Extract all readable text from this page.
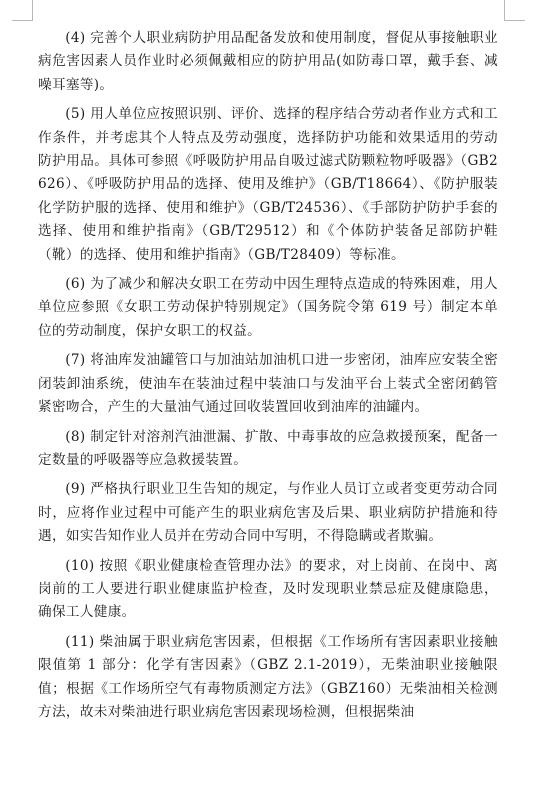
(4) 完善个人职业病防护用品配备发放和使用制度，督促从事接触职业病危害因素人员作业时必须佩戴相应的防护用品(如防毒口罩，戴手套、减噪耳塞等)。

(5) 用人单位应按照识别、评价、选择的程序结合劳动者作业方式和工作条件，并考虑其个人特点及劳动强度，选择防护功能和效果适用的劳动防护用品。具体可参照《呼吸防护用品自吸过滤式防颗粒物呼吸器》（GB2626）、《呼吸防护用品的选择、使用及维护》（GB/T18664）、《防护服装化学防护服的选择、使用和维护》（GB/T24536）、《手部防护防护手套的选择、使用和维护指南》（GB/T29512）和《个体防护装备足部防护鞋（靴）的选择、使用和维护指南》（GB/T28409）等标准。

(6) 为了减少和解决女职工在劳动中因生理特点造成的特殊困难，用人单位应参照《女职工劳动保护特别规定》（国务院令第 619 号）制定本单位的劳动制度，保护女职工的权益。

(7) 将油库发油罐管口与加油站加油机口进一步密闭，油库应安装全密闭装卸油系统，使油车在装油过程中装油口与发油平台上装式全密闭鹤管紧密吻合，产生的大量油气通过回收装置回收到油库的油罐内。

(8) 制定针对溶剂汽油泄漏、扩散、中毒事故的应急救援预案，配备一定数量的呼吸器等应急救援装置。

(9) 严格执行职业卫生告知的规定，与作业人员订立或者变更劳动合同时，应将作业过程中可能产生的职业病危害及后果、职业病防护措施和待遇，如实告知作业人员并在劳动合同中写明，不得隐瞒或者欺骗。

(10) 按照《职业健康检查管理办法》的要求，对上岗前、在岗中、离岗前的工人要进行职业健康监护检查，及时发现职业禁忌症及健康隐患，确保工人健康。

(11) 柴油属于职业病危害因素，但根据《工作场所有害因素职业接触限值第 1 部分：化学有害因素》（GBZ 2.1-2019），无柴油职业接触限值；根据《工作场所空气有毒物质测定方法》（GBZ160）无柴油相关检测方法，故未对柴油进行职业病危害因素现场检测，但根据柴油
